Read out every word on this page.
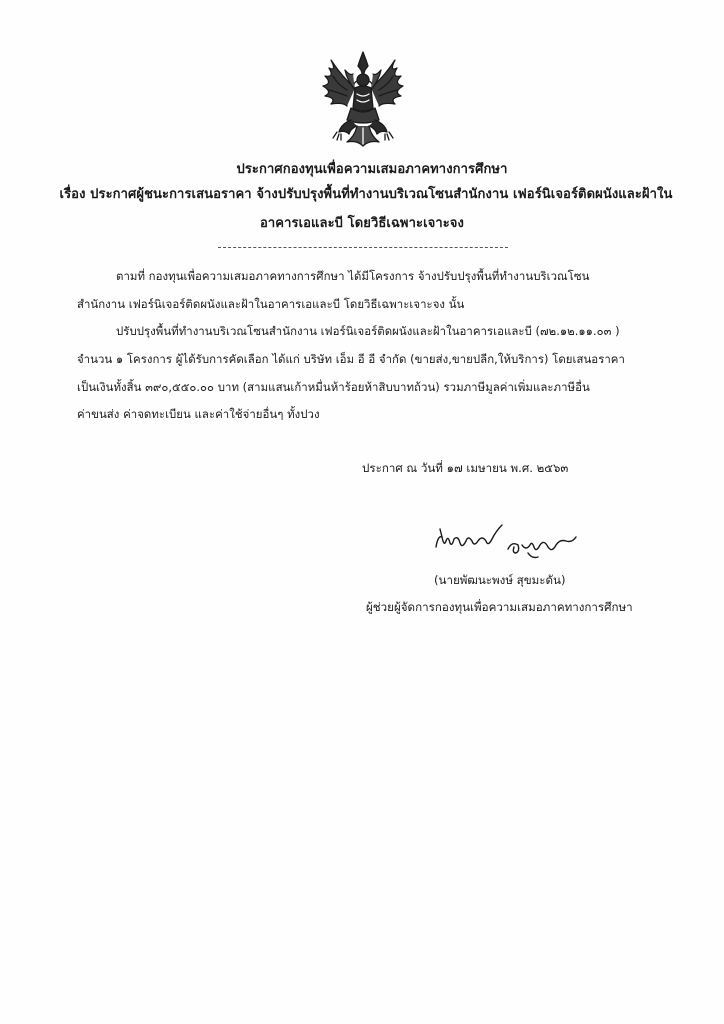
ประกาศกองทุนเพื่อความเสมอภาคทางการศึกษา
เรื่อง ประกาศผู้ชนะการเสนอราคา จ้างปรับปรุงพื้นที่ทำงานบริเวณโซนสำนักงาน เฟอร์นิเจอร์ติดผนังและฝ้าใน
อาคารเอและบี โดยวิธีเฉพาะเจาะจง
ตามที่ กองทุนเพื่อความเสมอภาคทางการศึกษา ได้มีโครงการ จ้างปรับปรุงพื้นที่ทำงานบริเวณโซน
สำนักงาน เฟอร์นิเจอร์ติดผนังและฝ้าในอาคารเอและบี โดยวิธีเฉพาะเจาะจง นั้น
ปรับปรุงพื้นที่ทำงานบริเวณโซนสำนักงาน เฟอร์นิเจอร์ติดผนังและฝ้าในอาคารเอและบี (๗๒.๑๒.๑๑.๐๓ )
จำนวน ๑ โครงการ ผู้ได้รับการคัดเลือก ได้แก่ บริษัท เอ็ม อี อี จำกัด (ขายส่ง,ขายปลีก,ให้บริการ) โดยเสนอราคา
เป็นเงินทั้งสิ้น ๓๙๐,๕๕๐.๐๐ บาท (สามแสนเก้าหมื่นห้าร้อยห้าสิบบาทถ้วน) รวมภาษีมูลค่าเพิ่มและภาษีอื่น
ค่าขนส่ง ค่าจดทะเบียน และค่าใช้จ่ายอื่นๆ ทั้งปวง
ประกาศ ณ วันที่ ๑๗ เมษายน พ.ศ. ๒๕๖๓
(นายพัฒนะพงษ์ สุขมะดัน)
ผู้ช่วยผู้จัดการกองทุนเพื่อความเสมอภาคทางการศึกษา
